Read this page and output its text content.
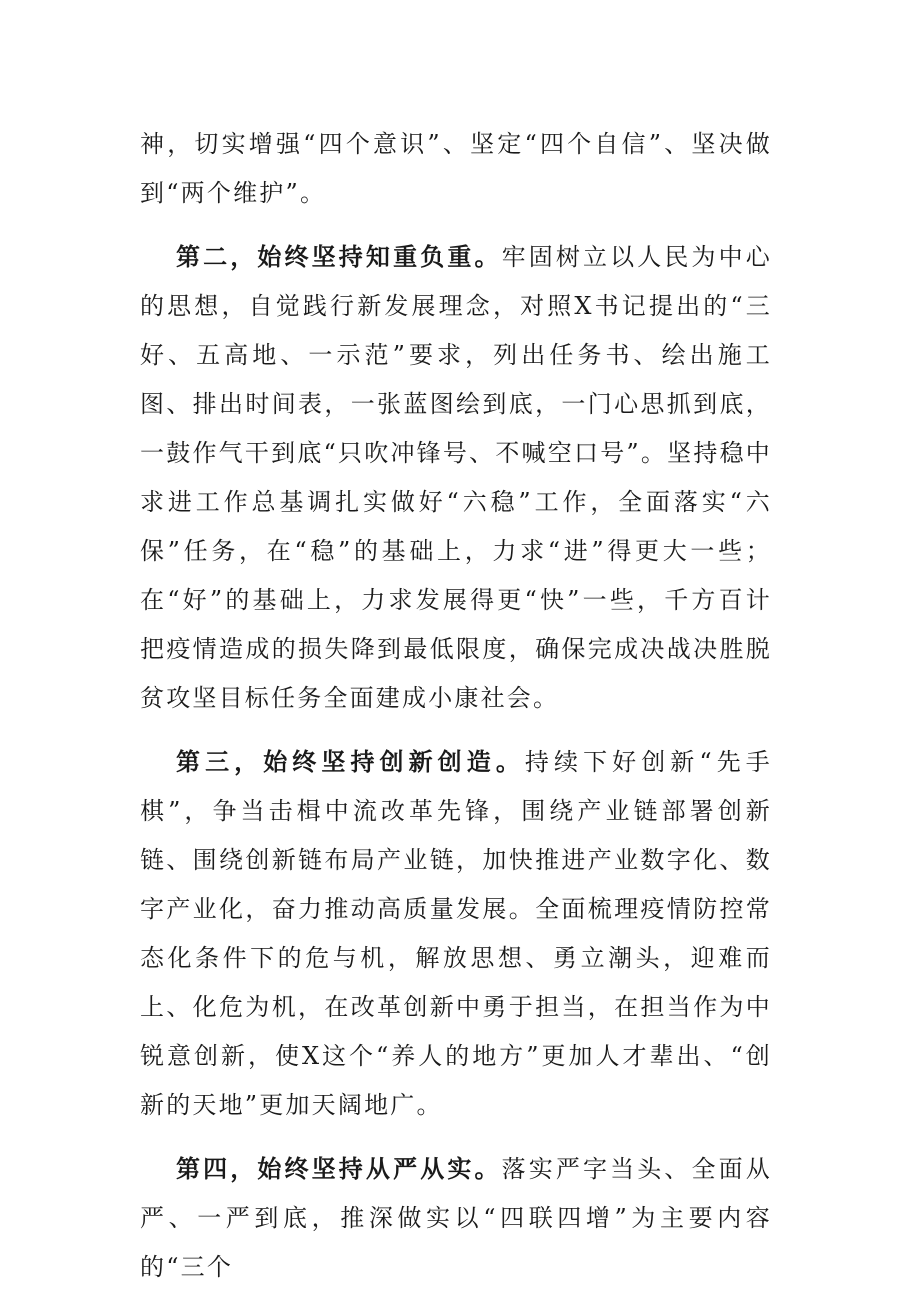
神，切实增强“四个意识”、坚定“四个自信”、坚决做到“两个维护”。

第二，始终坚持知重负重。牢固树立以人民为中心的思想，自觉践行新发展理念，对照X书记提出的“三好、五高地、一示范”要求，列出任务书、绘出施工图、排出时间表，一张蓝图绘到底，一门心思抓到底，一鼓作气干到底“只吹冲锋号、不喊空口号”。坚持稳中求进工作总基调扎实做好“六稳”工作，全面落实“六保”任务，在“稳”的基础上，力求“进”得更大一些；在“好”的基础上，力求发展得更“快”一些，千方百计把疫情造成的损失降到最低限度，确保完成决战决胜脱贫攻坚目标任务全面建成小康社会。

第三，始终坚持创新创造。持续下好创新“先手棋”，争当击楫中流改革先锋，围绕产业链部署创新链、围绕创新链布局产业链，加快推进产业数字化、数字产业化，奋力推动高质量发展。全面梳理疫情防控常态化条件下的危与机，解放思想、勇立潮头，迎难而上、化危为机，在改革创新中勇于担当，在担当作为中锐意创新，使X这个“养人的地方”更加人才辈出、“创新的天地”更加天阔地广。

第四，始终坚持从严从实。落实严字当头、全面从严、一严到底，推深做实以“四联四增”为主要内容的“三个
